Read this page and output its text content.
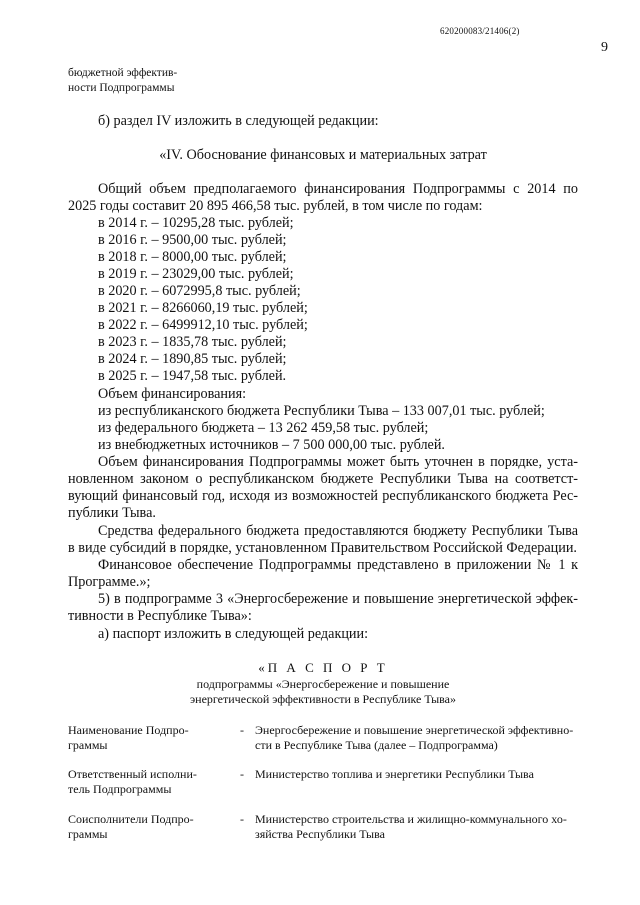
620200083/21406(2)
9
бюджетной эффектив-
ности Подпрограммы
б) раздел IV изложить в следующей редакции:
«IV. Обоснование финансовых и материальных затрат
Общий объем предполагаемого финансирования Подпрограммы с 2014 по
2025 годы составит 20 895 466,58 тыс. рублей, в том числе по годам:
в 2014 г. – 10295,28 тыс. рублей;
в 2016 г. – 9500,00 тыс. рублей;
в 2018 г. – 8000,00 тыс. рублей;
в 2019 г. – 23029,00 тыс. рублей;
в 2020 г. – 6072995,8 тыс. рублей;
в 2021 г. – 8266060,19 тыс. рублей;
в 2022 г. – 6499912,10 тыс. рублей;
в 2023 г. – 1835,78 тыс. рублей;
в 2024 г. – 1890,85 тыс. рублей;
в 2025 г. – 1947,58 тыс. рублей.
Объем финансирования:
из республиканского бюджета Республики Тыва – 133 007,01 тыс. рублей;
из федерального бюджета – 13 262 459,58 тыс. рублей;
из внебюджетных источников – 7 500 000,00 тыс. рублей.
Объем финансирования Подпрограммы может быть уточнен в порядке, уста-
новленном законом о республиканском бюджете Республики Тыва на соответст-
вующий финансовый год, исходя из возможностей республиканского бюджета Рес-
публики Тыва.
Средства федерального бюджета предоставляются бюджету Республики Тыва
в виде субсидий в порядке, установленном Правительством Российской Федерации.
Финансовое обеспечение Подпрограммы представлено в приложении № 1 к
Программе.»;
5) в подпрограмме 3 «Энергосбережение и повышение энергетической эффек-
тивности в Республике Тыва»:
а) паспорт изложить в следующей редакции:
«П А С П О Р Т
подпрограммы «Энергосбережение и повышение
энергетической эффективности в Республике Тыва»
Наименование Подпро-
граммы
- Энергосбережение и повышение энергетической эффективно-
сти в Республике Тыва (далее – Подпрограмма)
Ответственный исполни-
тель Подпрограммы
- Министерство топлива и энергетики Республики Тыва
Соисполнители Подпро-
граммы
- Министерство строительства и жилищно-коммунального хо-
зяйства Республики Тыва
